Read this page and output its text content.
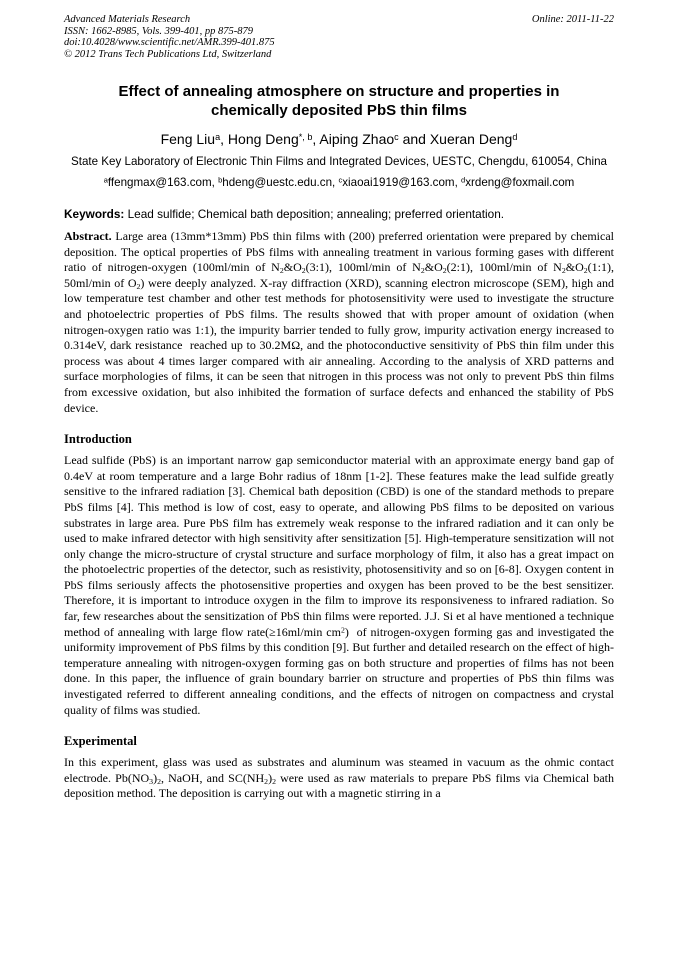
Advanced Materials Research
ISSN: 1662-8985, Vols. 399-401, pp 875-879
doi:10.4028/www.scientific.net/AMR.399-401.875
© 2012 Trans Tech Publications Ltd, Switzerland
Online: 2011-11-22
Effect of annealing atmosphere on structure and properties in chemically deposited PbS thin films
Feng Liu$^a$, Hong Deng$^{*, b}$, Aiping Zhao$^c$ and Xueran Deng$^d$
State Key Laboratory of Electronic Thin Films and Integrated Devices, UESTC, Chengdu, 610054, China
$^a$ffengmax@163.com, $^b$hdeng@uestc.edu.cn, $^c$xiaoai1919@163.com, $^d$xrdeng@foxmail.com
Keywords: Lead sulfide; Chemical bath deposition; annealing; preferred orientation.
Abstract. Large area (13mm*13mm) PbS thin films with (200) preferred orientation were prepared by chemical deposition. The optical properties of PbS films with annealing treatment in various forming gases with different ratio of nitrogen-oxygen (100ml/min of $N_2\&O_2(3:1)$, 100ml/min of $N_2\&O_2(2:1)$, 100ml/min of $N_2\&O_2(1:1)$, 50ml/min of $O_2$) were deeply analyzed. X-ray diffraction (XRD), scanning electron microscope (SEM), high and low temperature test chamber and other test methods for photosensitivity were used to investigate the structure and photoelectric properties of PbS films. The results showed that with proper amount of oxidation (when nitrogen-oxygen ratio was 1:1), the impurity barrier tended to fully grow, impurity activation energy increased to 0.314eV, dark resistance  reached up to 30.2MΩ, and the photoconductive sensitivity of PbS thin film under this process was about 4 times larger compared with air annealing. According to the analysis of XRD patterns and surface morphologies of films, it can be seen that nitrogen in this process was not only to prevent PbS thin films from excessive oxidation, but also inhibited the formation of surface defects and enhanced the stability of PbS device.
Introduction
Lead sulfide (PbS) is an important narrow gap semiconductor material with an approximate energy band gap of 0.4eV at room temperature and a large Bohr radius of 18nm [1-2]. These features make the lead sulfide greatly sensitive to the infrared radiation [3]. Chemical bath deposition (CBD) is one of the standard methods to prepare PbS films [4]. This method is low of cost, easy to operate, and allowing PbS films to be deposited on various substrates in large area. Pure PbS film has extremely weak response to the infrared radiation and it can only be used to make infrared detector with high sensitivity after sensitization [5]. High-temperature sensitization will not only change the micro-structure of crystal structure and surface morphology of film, it also has a great impact on the photoelectric properties of the detector, such as resistivity, photosensitivity and so on [6-8]. Oxygen content in PbS films seriously affects the photosensitive properties and oxygen has been proved to be the best sensitizer. Therefore, it is important to introduce oxygen in the film to improve its responsiveness to infrared radiation. So far, few researches about the sensitization of PbS thin films were reported. J.J. Si et al have mentioned a technique method of annealing with large flow rate(≥16ml/min $cm^2$)  of nitrogen-oxygen forming gas and investigated the uniformity improvement of PbS films by this condition [9]. But further and detailed research on the effect of high-temperature annealing with nitrogen-oxygen forming gas on both structure and properties of films has not been done. In this paper, the influence of grain boundary barrier on structure and properties of PbS thin films was investigated referred to different annealing conditions, and the effects of nitrogen on compactness and crystal quality of films was studied.
Experimental
In this experiment, glass was used as substrates and aluminum was steamed in vacuum as the ohmic contact electrode. $Pb(NO_3)_2$, NaOH, and $SC(NH_2)_2$ were used as raw materials to prepare PbS films via Chemical bath deposition method. The deposition is carrying out with a magnetic stirring in a
